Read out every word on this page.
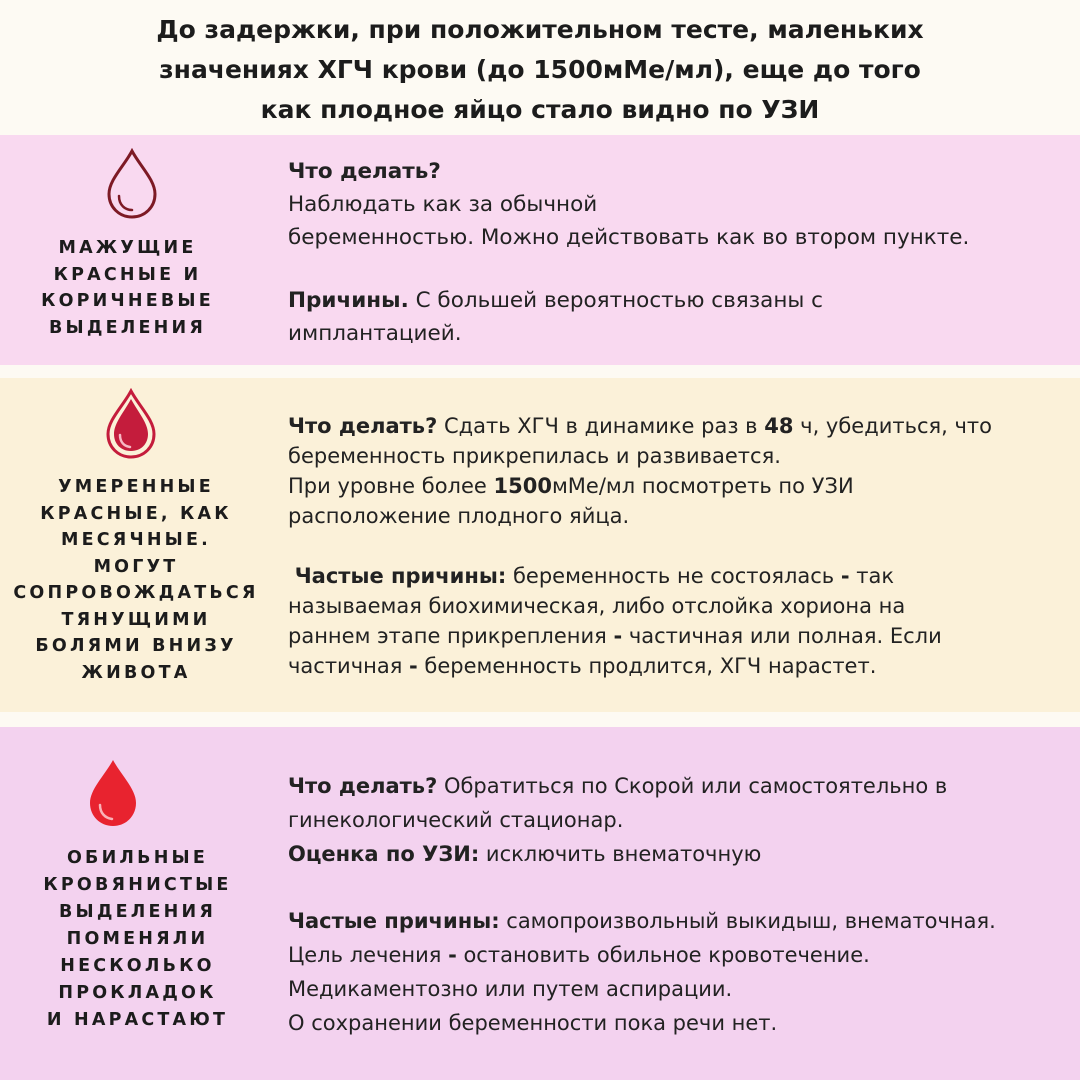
До задержки, при положительном тесте, маленьких
значениях ХГЧ крови (до 1500мМе/мл), еще до того
как плодное яйцо стало видно по УЗИ
МАЖУЩИЕ
КРАСНЫЕ И
КОРИЧНЕВЫЕ
ВЫДЕЛЕНИЯ
Что делать?
Наблюдать как за обычной
беременностью. Можно действовать как во втором пункте.
Причины. С большей вероятностью связаны с
имплантацией.
УМЕРЕННЫЕ
КРАСНЫЕ, КАК
МЕСЯЧНЫЕ.
МОГУТ
СОПРОВОЖДАТЬСЯ
ТЯНУЩИМИ
БОЛЯМИ ВНИЗУ
ЖИВОТА
Что делать? Сдать ХГЧ в динамике раз в 48 ч, убедиться, что
беременность прикрепилась и развивается.
При уровне более 1500мМе/мл посмотреть по УЗИ
расположение плодного яйца.
Частые причины: беременность не состоялась - так
называемая биохимическая, либо отслойка хориона на
раннем этапе прикрепления - частичная или полная. Если
частичная - беременность продлится, ХГЧ нарастет.
ОБИЛЬНЫЕ
КРОВЯНИСТЫЕ
ВЫДЕЛЕНИЯ
ПОМЕНЯЛИ
НЕСКОЛЬКО
ПРОКЛАДОК
И НАРАСТАЮТ
Что делать? Обратиться по Скорой или самостоятельно в
гинекологический стационар.
Оценка по УЗИ: исключить внематочную
Частые причины: самопроизвольный выкидыш, внематочная.
Цель лечения - остановить обильное кровотечение.
Медикаментозно или путем аспирации.
О сохранении беременности пока речи нет.
